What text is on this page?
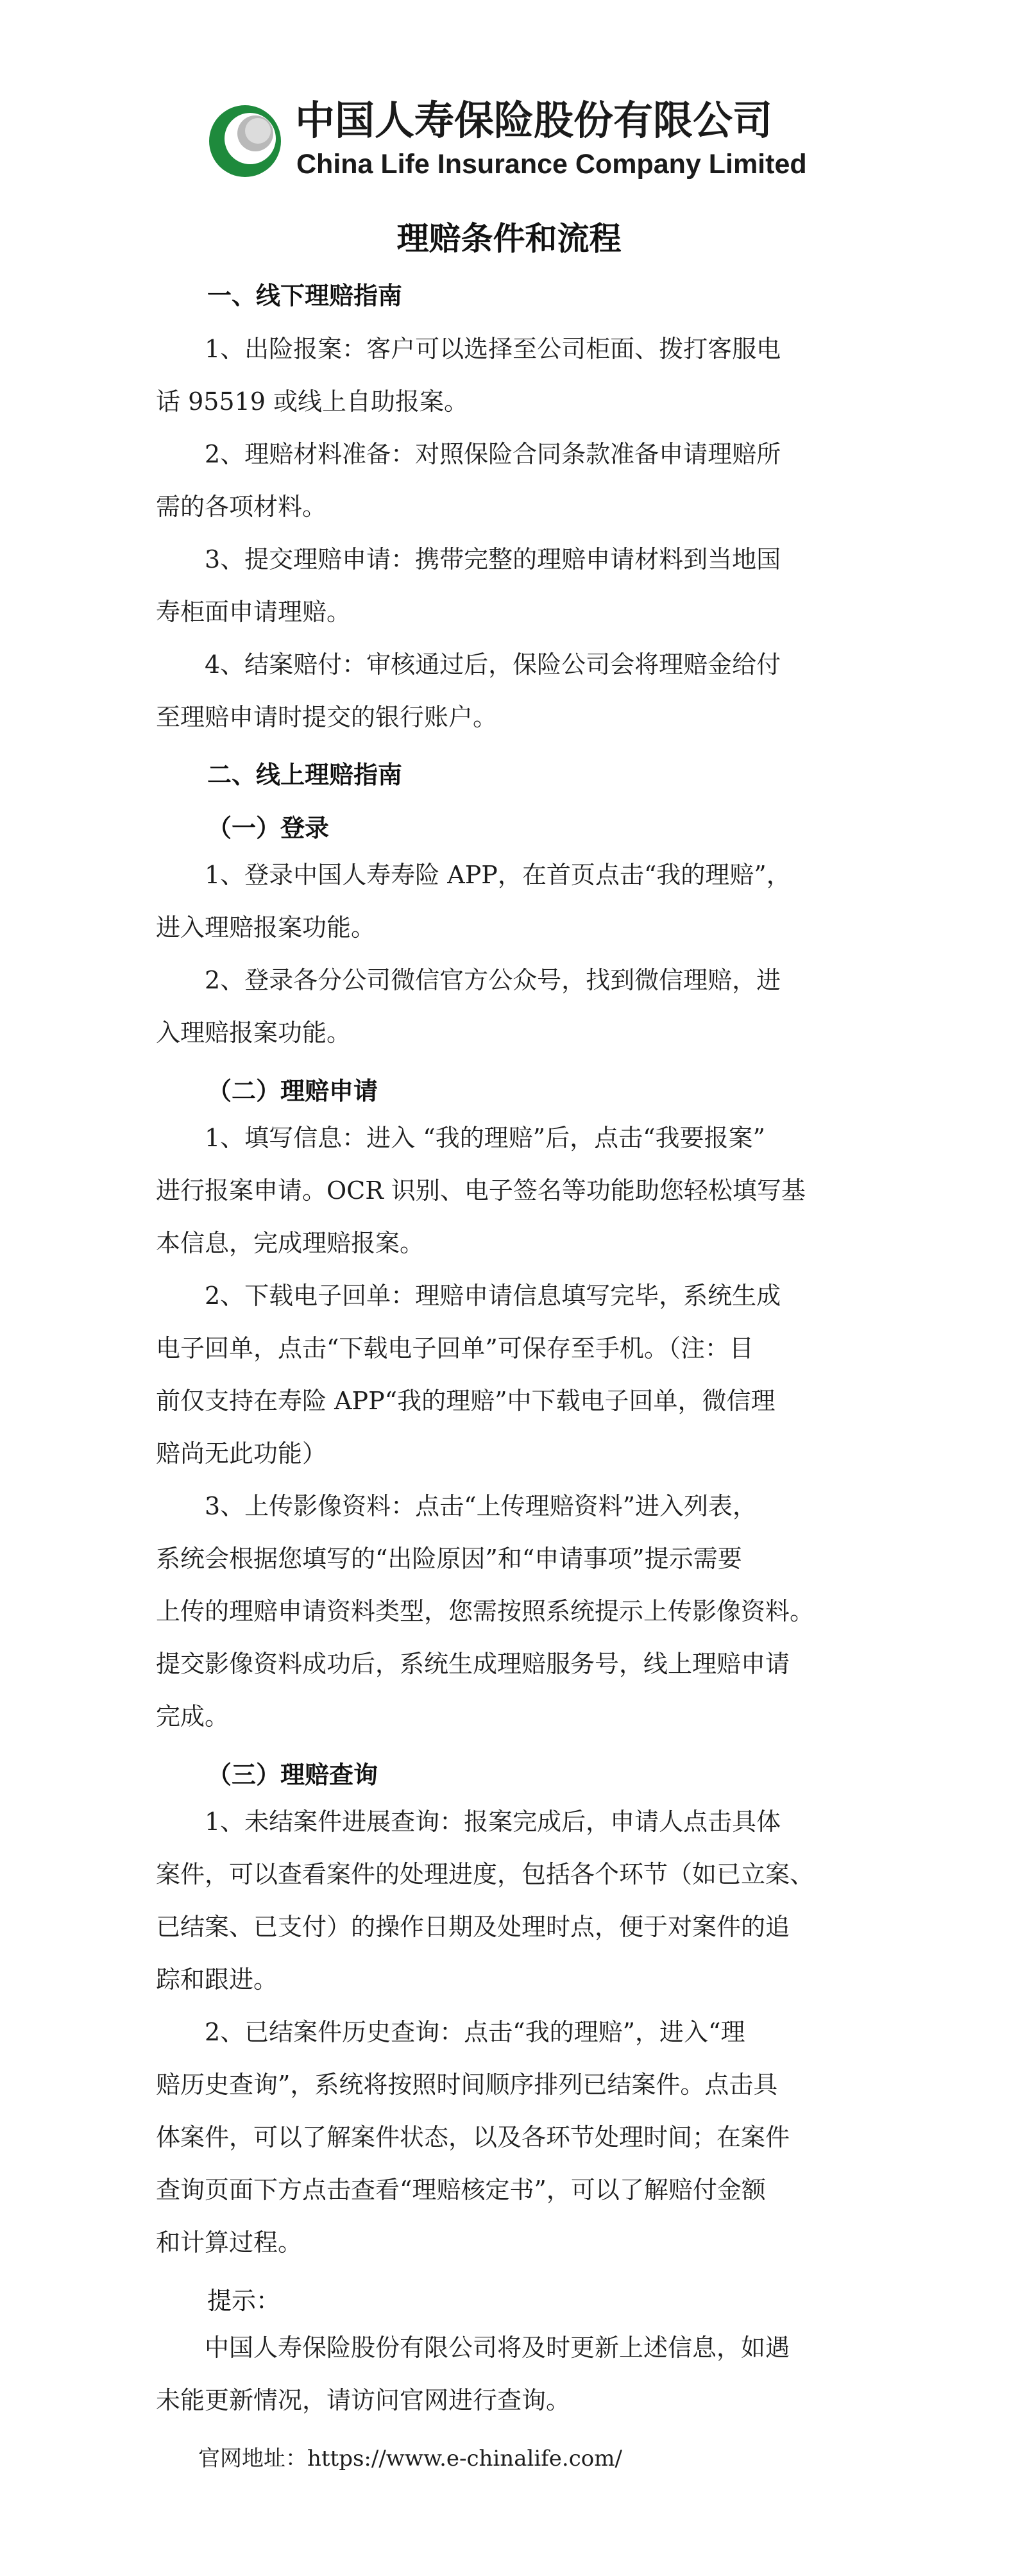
中国人寿保险股份有限公司
China Life Insurance Company Limited
理赔条件和流程
一、线下理赔指南
1、出险报案：客户可以选择至公司柜面、拨打客服电
话 95519 或线上自助报案。
2、理赔材料准备：对照保险合同条款准备申请理赔所
需的各项材料。
3、提交理赔申请：携带完整的理赔申请材料到当地国
寿柜面申请理赔。
4、结案赔付：审核通过后，保险公司会将理赔金给付
至理赔申请时提交的银行账户。
二、线上理赔指南
（一）登录
1、登录中国人寿寿险 APP，在首页点击“我的理赔”，
进入理赔报案功能。
2、登录各分公司微信官方公众号，找到微信理赔，进
入理赔报案功能。
（二）理赔申请
1、填写信息：进入 “我的理赔”后，点击“我要报案”
进行报案申请。OCR 识别、电子签名等功能助您轻松填写基
本信息，完成理赔报案。
2、下载电子回单：理赔申请信息填写完毕，系统生成
电子回单，点击“下载电子回单”可保存至手机。（注：目
前仅支持在寿险 APP“我的理赔”中下载电子回单，微信理
赔尚无此功能）
3、上传影像资料：点击“上传理赔资料”进入列表，
系统会根据您填写的“出险原因”和“申请事项”提示需要
上传的理赔申请资料类型，您需按照系统提示上传影像资料。
提交影像资料成功后，系统生成理赔服务号，线上理赔申请
完成。
（三）理赔查询
1、未结案件进展查询：报案完成后，申请人点击具体
案件，可以查看案件的处理进度，包括各个环节（如已立案、
已结案、已支付）的操作日期及处理时点，便于对案件的追
踪和跟进。
2、已结案件历史查询：点击“我的理赔”，进入“理
赔历史查询”，系统将按照时间顺序排列已结案件。点击具
体案件，可以了解案件状态，以及各环节处理时间；在案件
查询页面下方点击查看“理赔核定书”，可以了解赔付金额
和计算过程。
提示：
中国人寿保险股份有限公司将及时更新上述信息，如遇
未能更新情况，请访问官网进行查询。
官网地址：https://www.e-chinalife.com/
